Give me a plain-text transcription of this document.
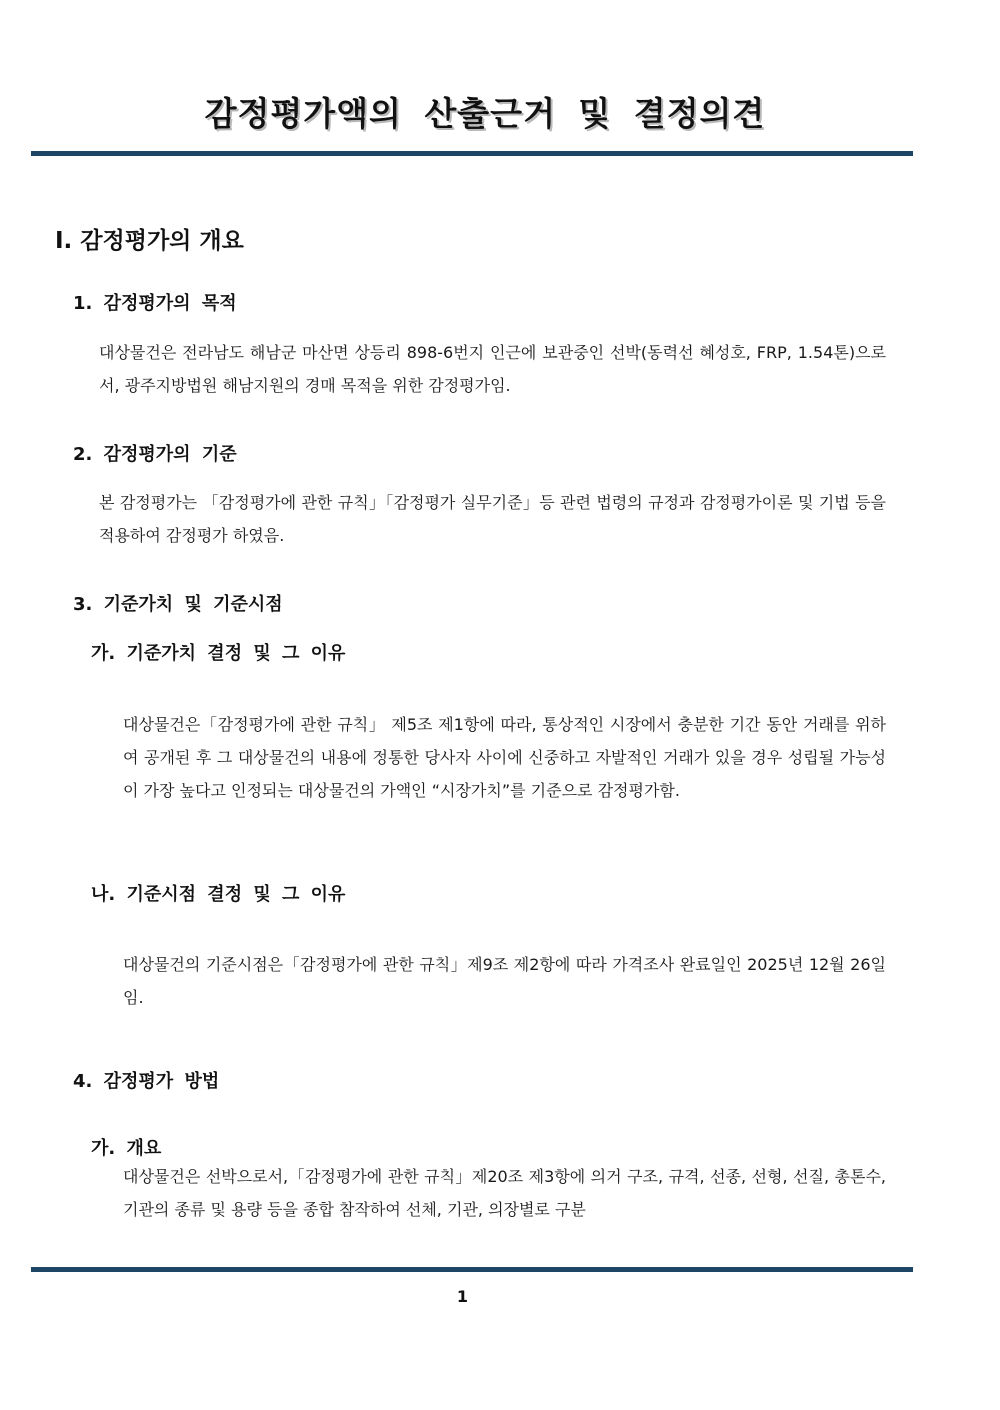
감정평가액의 산출근거 및 결정의견
I. 감정평가의 개요
1. 감정평가의 목적

대상물건은 전라남도 해남군 마산면 상등리 898-6번지 인근에 보관중인 선박(동력선 혜성호, FRP, 1.54톤)으로서, 광주지방법원 해남지원의 경매 목적을 위한 감정평가임.

2. 감정평가의 기준

본 감정평가는 「감정평가에 관한 규칙」「감정평가 실무기준」등 관련 법령의 규정과 감정평가이론 및 기법 등을 적용하여 감정평가 하였음.

3. 기준가치 및 기준시점
가. 기준가치 결정 및 그 이유

대상물건은「감정평가에 관한 규칙」 제5조 제1항에 따라, 통상적인 시장에서 충분한 기간 동안 거래를 위하여 공개된 후 그 대상물건의 내용에 정통한 당사자 사이에 신중하고 자발적인 거래가 있을 경우 성립될 가능성이 가장 높다고 인정되는 대상물건의 가액인 “시장가치”를 기준으로 감정평가함.

나. 기준시점 결정 및 그 이유

대상물건의 기준시점은「감정평가에 관한 규칙」제9조 제2항에 따라 가격조사 완료일인 2025년 12월 26일임.

4. 감정평가 방법
가. 개요

대상물건은 선박으로서,「감정평가에 관한 규칙」제20조 제3항에 의거 구조, 규격, 선종, 선형, 선질, 총톤수, 기관의 종류 및 용량 등을 종합 참작하여 선체, 기관, 의장별로 구분

1
